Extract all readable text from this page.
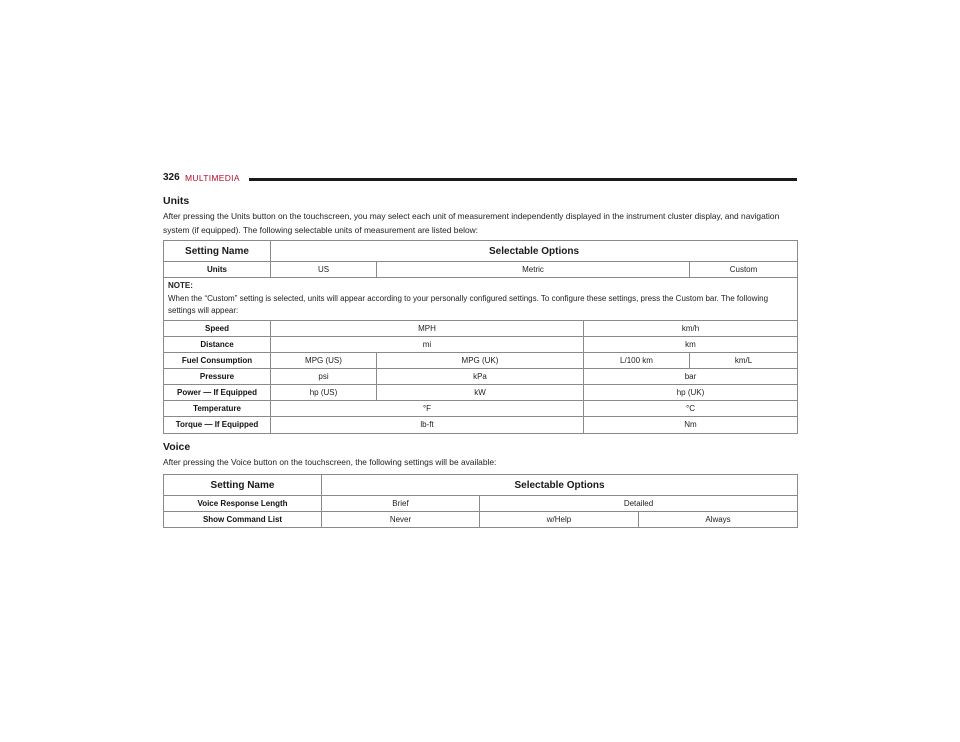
326 MULTIMEDIA
Units
After pressing the Units button on the touchscreen, you may select each unit of measurement independently displayed in the instrument cluster display, and navigation system (if equipped). The following selectable units of measurement are listed below:
Setting Name	Selectable Options			
Units	US	Metric		Custom

NOTE:
When the “Custom” setting is selected, units will appear according to your personally configured settings. To configure these settings, press the Custom bar. The following settings will appear:				
Speed	MPH		km/h	
Distance	mi		km	
Fuel Consumption	MPG (US)	MPG (UK)	L/100 km	km/L
Pressure	psi	kPa	bar	
Power — If Equipped	hp (US)	kW	hp (UK)	
Temperature	°F		°C	
Torque — If Equipped	lb-ft		Nm	
Voice
After pressing the Voice button on the touchscreen, the following settings will be available:
Setting Name	Selectable Options		
Voice Response Length	Brief	Detailed	
Show Command List	Never	w/Help	Always
